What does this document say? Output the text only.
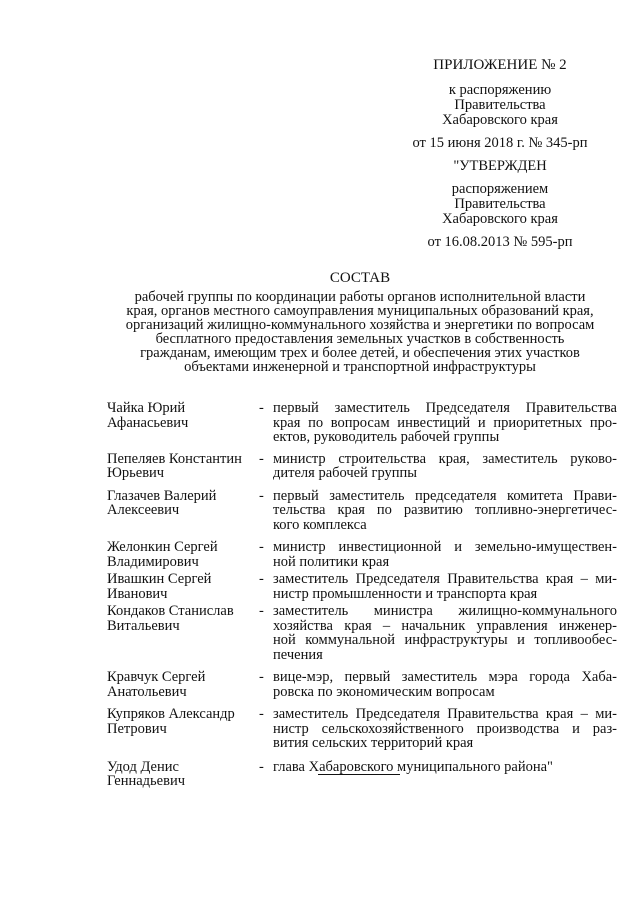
ПРИЛОЖЕНИЕ № 2
к распоряжению
Правительства
Хабаровского края
от 15 июня 2018 г. № 345-рп
"УТВЕРЖДЕН
распоряжением
Правительства
Хабаровского края
от 16.08.2013 № 595-рп
СОСТАВ
рабочей группы по координации работы органов исполнительной власти
края, органов местного самоуправления муниципальных образований края,
организаций жилищно-коммунального хозяйства и энергетики по вопросам
бесплатного предоставления земельных участков в собственность
гражданам, имеющим трех и более детей, и обеспечения этих участков
объектами инженерной и транспортной инфраструктуры
Чайка Юрий
Афанасьевич
- первый заместитель Председателя Правительства
края по вопросам инвестиций и приоритетных про-
ектов, руководитель рабочей группы
Пепеляев Константин
Юрьевич
- министр строительства края, заместитель руково-
дителя рабочей группы
Глазачев Валерий
Алексеевич
- первый заместитель председателя комитета Прави-
тельства края по развитию топливно-энергетичес-
кого комплекса
Желонкин Сергей
Владимирович
- министр инвестиционной и земельно-имуществен-
ной политики края
Ивашкин Сергей
Иванович
- заместитель Председателя Правительства края – ми-
нистр промышленности и транспорта края
Кондаков Станислав
Витальевич
- заместитель министра жилищно-коммунального
хозяйства края – начальник управления инженер-
ной коммунальной инфраструктуры и топливообес-
печения
Кравчук Сергей
Анатольевич
- вице-мэр, первый заместитель мэра города Хаба-
ровска по экономическим вопросам
Купряков Александр
Петрович
- заместитель Председателя Правительства края – ми-
нистр сельскохозяйственного производства и раз-
вития сельских территорий края
Удод Денис
Геннадьевич
- глава Хабаровского муниципального района"
